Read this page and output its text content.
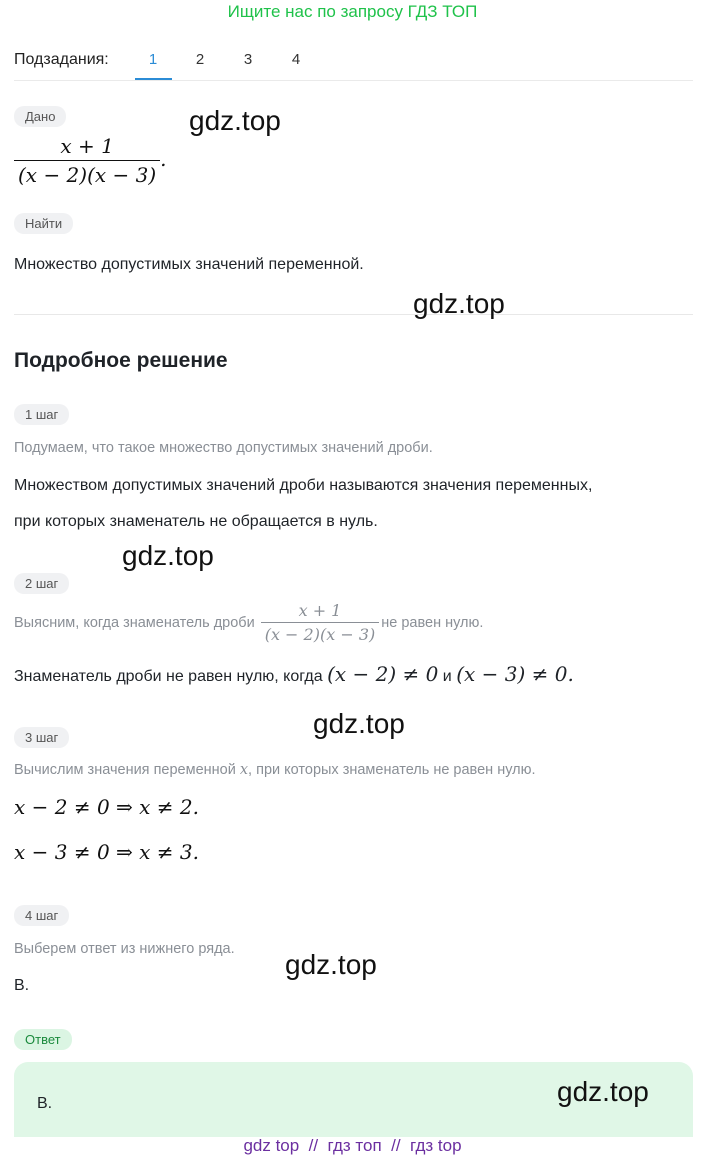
Ищите нас по запросу ГДЗ ТОП
Подзадания:	1	2	3	4
Дано
$\frac{x + 1}{(x - 2)(x - 3)}$ .
Найти
Множество допустимых значений переменной.
Подробное решение
1 шаг
Подумаем, что такое множество допустимых значений дроби.
Множеством допустимых значений дроби называются значения переменных,
при которых знаменатель не обращается в нуль.
2 шаг
Выясним, когда знаменатель дроби $\frac{x + 1}{(x - 2)(x - 3)}$ не равен нулю.
Знаменатель дроби не равен нулю, когда (x − 2) ≠ 0 и (x − 3) ≠ 0.
3 шаг
Вычислим значения переменной x, при которых знаменатель не равен нулю.
x − 2 ≠ 0 ⇒ x ≠ 2.
x − 3 ≠ 0 ⇒ x ≠ 3.
4 шаг
Выберем ответ из нижнего ряда.
В.
Ответ
В.
gdz.top
gdz.top
gdz.top
gdz.top
gdz.top
gdz.top
gdz top  //  гдз топ  //  гдз top
